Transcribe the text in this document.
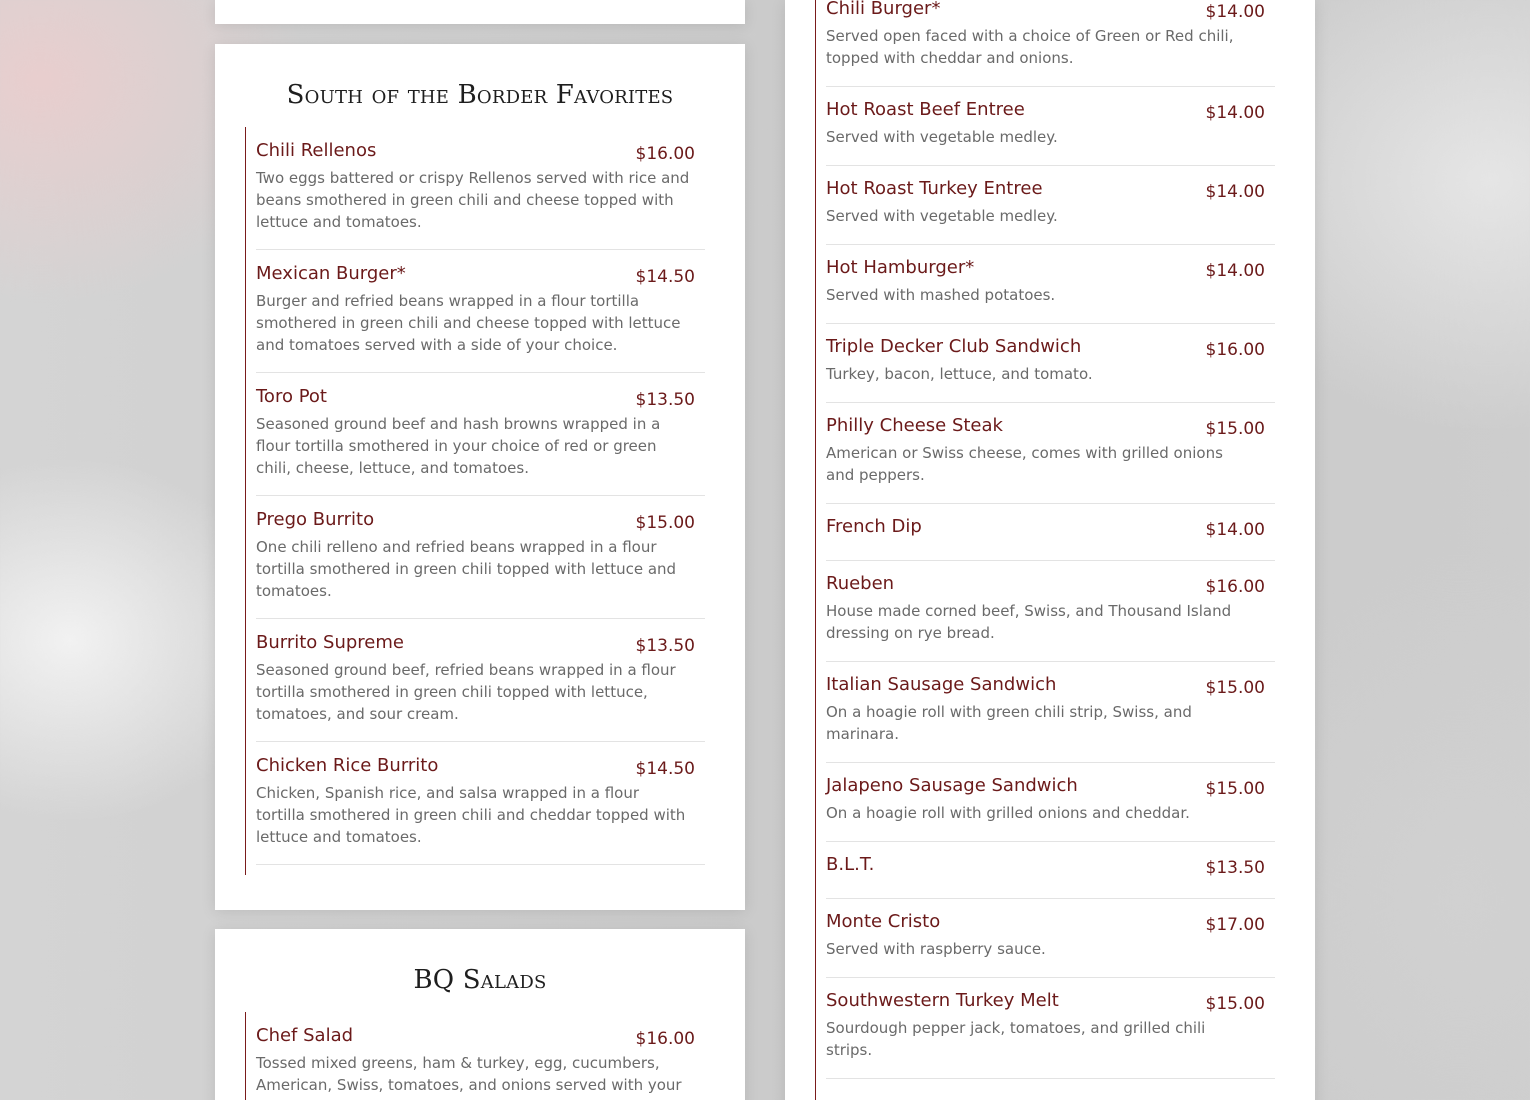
South of the Border Favorites
Chili Rellenos	$16.00
Two eggs battered or crispy Rellenos served with rice and beans smothered in green chili and cheese topped with lettuce and tomatoes.
Mexican Burger*	$14.50
Burger and refried beans wrapped in a flour tortilla smothered in green chili and cheese topped with lettuce and tomatoes served with a side of your choice.
Toro Pot	$13.50
Seasoned ground beef and hash browns wrapped in a flour tortilla smothered in your choice of red or green chili, cheese, lettuce, and tomatoes.
Prego Burrito	$15.00
One chili relleno and refried beans wrapped in a flour tortilla smothered in green chili topped with lettuce and tomatoes.
Burrito Supreme	$13.50
Seasoned ground beef, refried beans wrapped in a flour tortilla smothered in green chili topped with lettuce, tomatoes, and sour cream.
Chicken Rice Burrito	$14.50
Chicken, Spanish rice, and salsa wrapped in a flour tortilla smothered in green chili and cheddar topped with lettuce and tomatoes.
BQ Salads
Chef Salad	$16.00
Tossed mixed greens, ham & turkey, egg, cucumbers, American, Swiss, tomatoes, and onions served with your
Chili Burger*	$14.00
Served open faced with a choice of Green or Red chili, topped with cheddar and onions.
Hot Roast Beef Entree	$14.00
Served with vegetable medley.
Hot Roast Turkey Entree	$14.00
Served with vegetable medley.
Hot Hamburger*	$14.00
Served with mashed potatoes.
Triple Decker Club Sandwich	$16.00
Turkey, bacon, lettuce, and tomato.
Philly Cheese Steak	$15.00
American or Swiss cheese, comes with grilled onions and peppers.
French Dip	$14.00
Rueben	$16.00
House made corned beef, Swiss, and Thousand Island dressing on rye bread.
Italian Sausage Sandwich	$15.00
On a hoagie roll with green chili strip, Swiss, and marinara.
Jalapeno Sausage Sandwich	$15.00
On a hoagie roll with grilled onions and cheddar.
B.L.T.	$13.50
Monte Cristo	$17.00
Served with raspberry sauce.
Southwestern Turkey Melt	$15.00
Sourdough pepper jack, tomatoes, and grilled chili strips.
